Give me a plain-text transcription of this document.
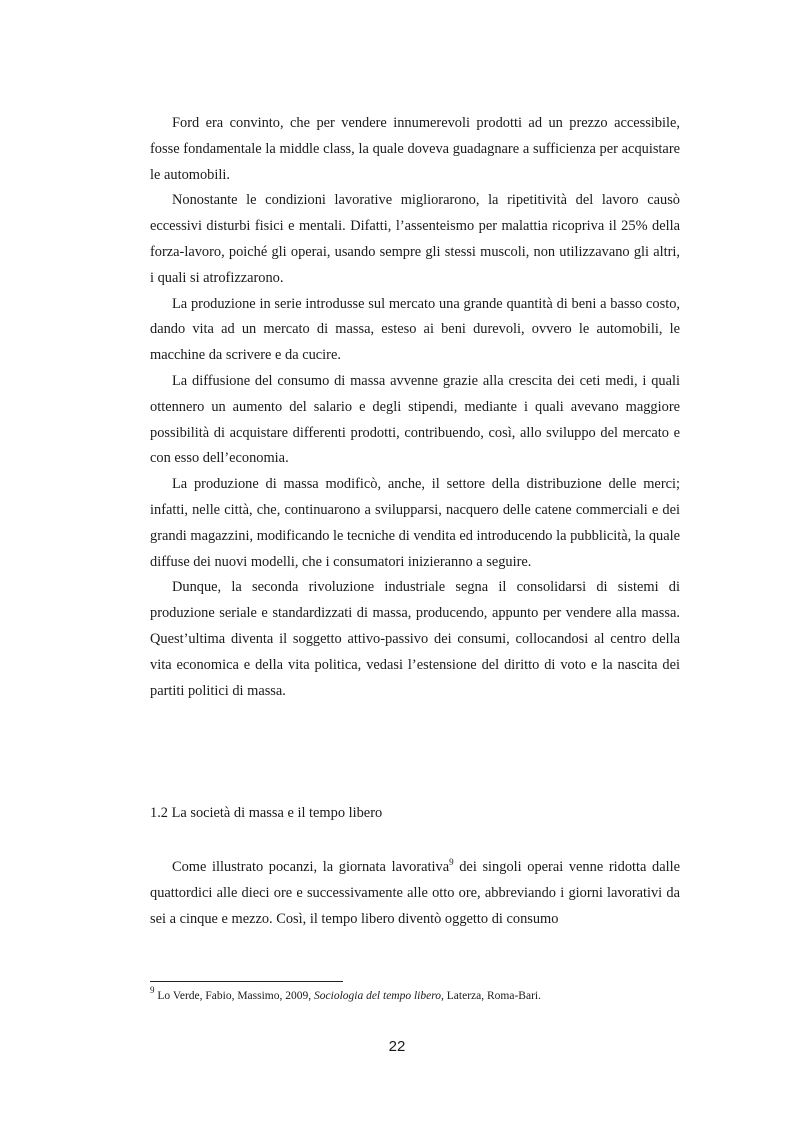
Ford era convinto, che per vendere innumerevoli prodotti ad un prezzo accessibile, fosse fondamentale la middle class, la quale doveva guadagnare a sufficienza per acquistare le automobili.

Nonostante le condizioni lavorative migliorarono, la ripetitività del lavoro causò eccessivi disturbi fisici e mentali. Difatti, l’assenteismo per malattia ricopriva il 25% della forza-lavoro, poiché gli operai, usando sempre gli stessi muscoli, non utilizzavano gli altri, i quali si atrofizzarono.

La produzione in serie introdusse sul mercato una grande quantità di beni a basso costo, dando vita ad un mercato di massa, esteso ai beni durevoli, ovvero le automobili, le macchine da scrivere e da cucire.

La diffusione del consumo di massa avvenne grazie alla crescita dei ceti medi, i quali ottennero un aumento del salario e degli stipendi, mediante i quali avevano maggiore possibilità di acquistare differenti prodotti, contribuendo, così, allo sviluppo del mercato e con esso dell’economia.

La produzione di massa modificò, anche, il settore della distribuzione delle merci; infatti, nelle città, che, continuarono a svilupparsi, nacquero delle catene commerciali e dei grandi magazzini, modificando le tecniche di vendita ed introducendo la pubblicità, la quale diffuse dei nuovi modelli, che i consumatori inizieranno a seguire.

Dunque, la seconda rivoluzione industriale segna il consolidarsi di sistemi di produzione seriale e standardizzati di massa, producendo, appunto per vendere alla massa. Quest’ultima diventa il soggetto attivo-passivo dei consumi, collocandosi al centro della vita economica e della vita politica, vedasi l’estensione del diritto di voto e la nascita dei partiti politici di massa.

1.2 La società di massa e il tempo libero

Come illustrato pocanzi, la giornata lavorativa$^9$ dei singoli operai venne ridotta dalle quattordici alle dieci ore e successivamente alle otto ore, abbreviando i giorni lavorativi da sei a cinque e mezzo. Così, il tempo libero diventò oggetto di consumo

$^9$ Lo Verde, Fabio, Massimo, 2009, Sociologia del tempo libero, Laterza, Roma-Bari.
22
